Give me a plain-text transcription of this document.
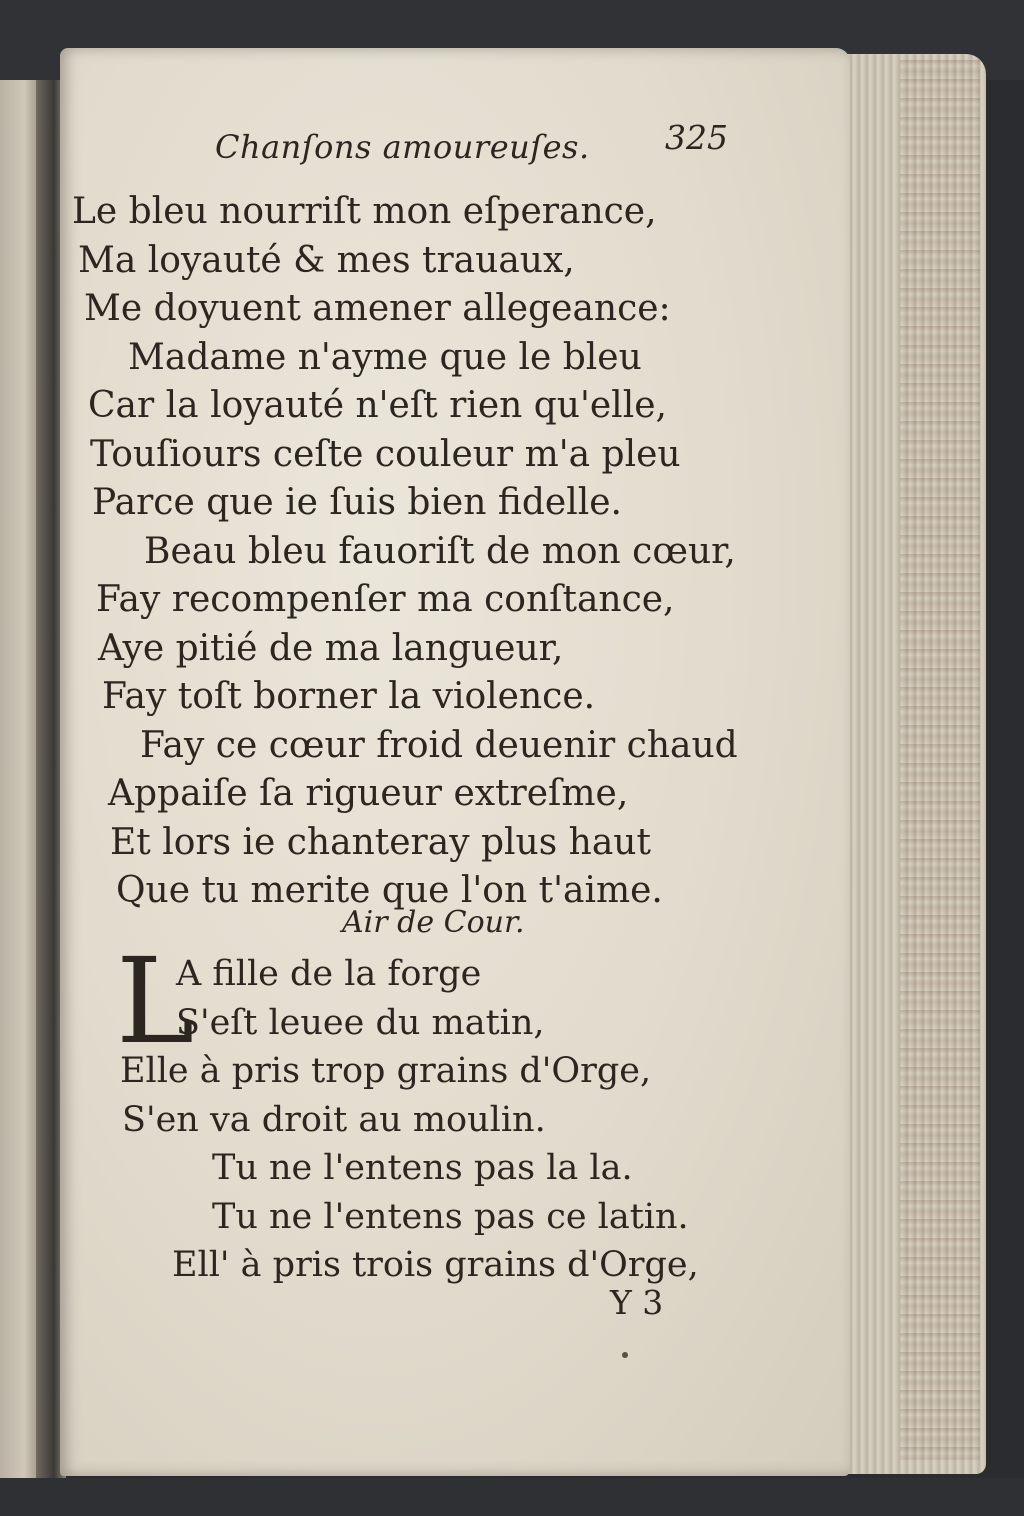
Chanſons amoureuſes. 325
Le bleu nourriſt mon eſperance,
Ma loyauté & mes trauaux,
Me doyuent amener allegeance:
Madame n'ayme que le bleu
Car la loyauté n'eſt rien qu'elle,
Touſiours ceſte couleur m'a pleu
Parce que ie ſuis bien fidelle.
Beau bleu fauoriſt de mon cœur,
Fay recompenſer ma conſtance,
Aye pitié de ma langueur,
Fay toſt borner la violence.
Fay ce cœur froid deuenir chaud
Appaiſe ſa rigueur extreſme,
Et lors ie chanteray plus haut
Que tu merite que l'on t'aime.
Air de Cour.
L
A fille de la forge
S'eſt leuee du matin,
Elle à pris trop grains d'Orge,
S'en va droit au moulin.
Tu ne l'entens pas la la.
Tu ne l'entens pas ce latin.
Ell' à pris trois grains d'Orge,
Y 3
